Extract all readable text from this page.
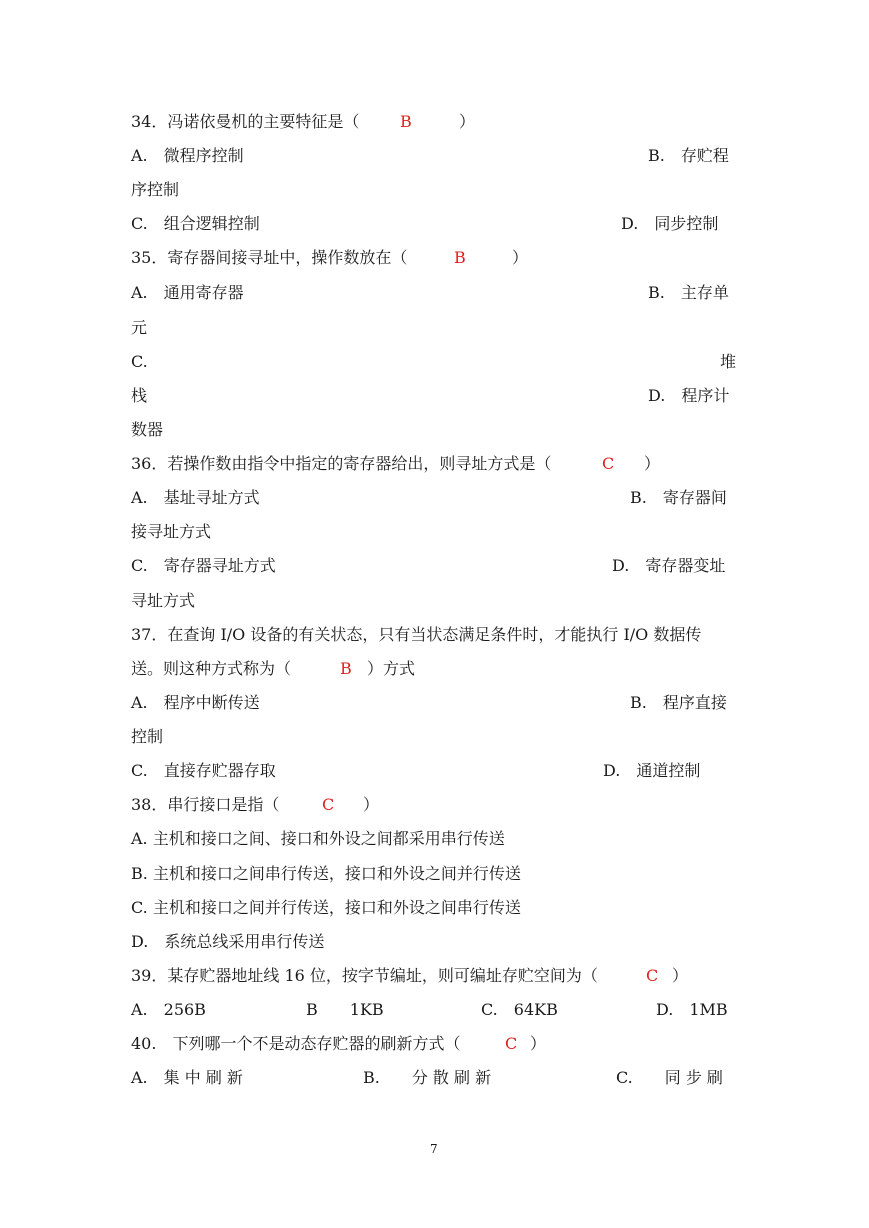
34．冯诺依曼机的主要特征是（	B	）
A.　微程序控制	B.　存贮程
序控制
C.　组合逻辑控制	D.　同步控制
35．寄存器间接寻址中，操作数放在（	B	）
A.　通用寄存器	B.　主存单
元
C.	堆
栈	D.　程序计
数器
36．若操作数由指令中指定的寄存器给出，则寻址方式是（	C ）
A.　基址寻址方式	B.　寄存器间
接寻址方式
C.　寄存器寻址方式	D.　寄存器变址
寻址方式
37．在查询 I/O 设备的有关状态，只有当状态满足条件时，才能执行 I/O 数据传
送。则这种方式称为（	B ）方式
A.　程序中断传送	B.　程序直接
控制
C.　直接存贮器存取	D.　通道控制
38．串行接口是指（	C ）
A. 主机和接口之间、接口和外设之间都采用串行传送
B. 主机和接口之间串行传送，接口和外设之间并行传送
C. 主机和接口之间并行传送，接口和外设之间串行传送
D.　系统总线采用串行传送
39．某存贮器地址线 16 位，按字节编址，则可编址存贮空间为（	C ）
A.　256B	B　　1KB	C.　64KB	D.　1MB
40.　下列哪一个不是动态存贮器的刷新方式（	C ）
A.　集 中 刷 新	B.　　分 散 刷 新	C.　　同 步 刷
7
